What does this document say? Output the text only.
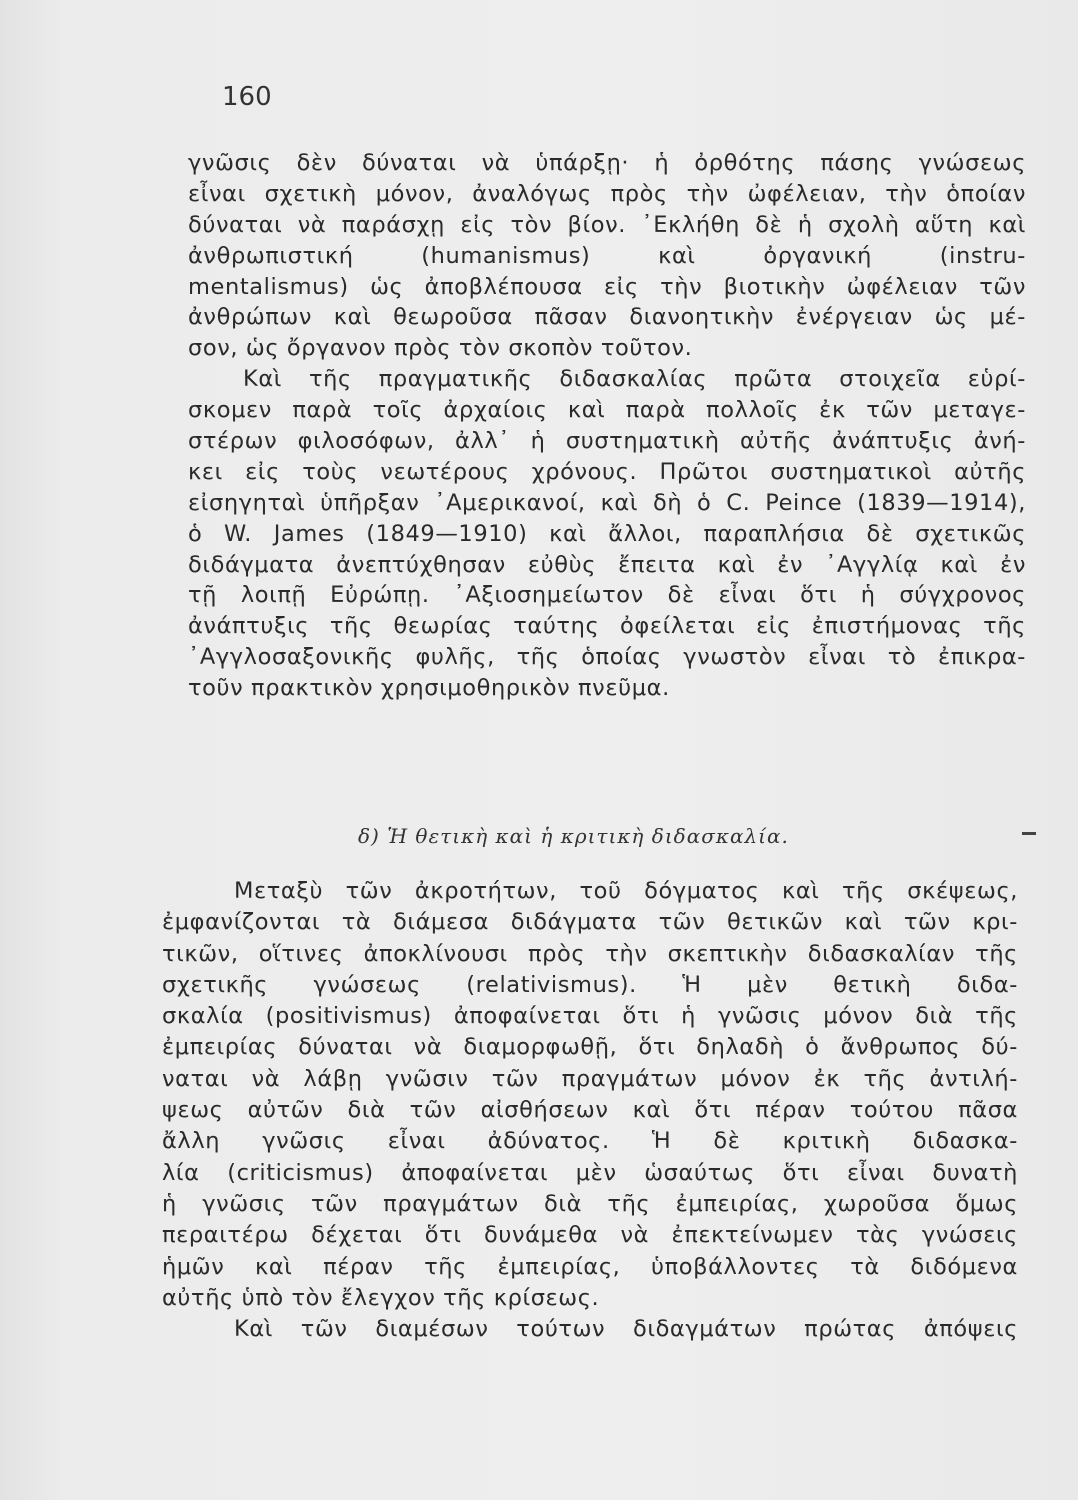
160
γνῶσις δὲν δύναται νὰ ὑπάρξῃ· ἡ ὀρθότης πάσης γνώσεως
εἶναι σχετικὴ μόνον, ἀναλόγως πρὸς τὴν ὠφέλειαν, τὴν ὁποίαν
δύναται νὰ παράσχῃ εἰς τὸν βίον. ᾿Εκλήθη δὲ ἡ σχολὴ αὕτη καὶ
ἀνθρωπιστική (humanismus) καὶ ὀργανική (instru-
mentalismus) ὡς ἀποβλέπουσα εἰς τὴν βιοτικὴν ὠφέλειαν τῶν
ἀνθρώπων καὶ θεωροῦσα πᾶσαν διανοητικὴν ἐνέργειαν ὡς μέ-
σον, ὡς ὄργανον πρὸς τὸν σκοπὸν τοῦτον.
Καὶ τῆς πραγματικῆς διδασκαλίας πρῶτα στοιχεῖα εὑρί-
σκομεν παρὰ τοῖς ἀρχαίοις καὶ παρὰ πολλοῖς ἐκ τῶν μεταγε-
στέρων φιλοσόφων, ἀλλ᾿ ἡ συστηματικὴ αὐτῆς ἀνάπτυξις ἀνή-
κει εἰς τοὺς νεωτέρους χρόνους. Πρῶτοι συστηματικοὶ αὐτῆς
εἰσηγηταὶ ὑπῆρξαν ᾿Αμερικανοί, καὶ δὴ ὁ C. Peince (1839—1914),
ὁ W. James (1849—1910) καὶ ἄλλοι, παραπλήσια δὲ σχετικῶς
διδάγματα ἀνεπτύχθησαν εὐθὺς ἔπειτα καὶ ἐν ᾿Αγγλίᾳ καὶ ἐν
τῇ λοιπῇ Εὐρώπῃ. ᾿Αξιοσημείωτον δὲ εἶναι ὅτι ἡ σύγχρονος
ἀνάπτυξις τῆς θεωρίας ταύτης ὀφείλεται εἰς ἐπιστήμονας τῆς
᾿Αγγλοσαξονικῆς φυλῆς, τῆς ὁποίας γνωστὸν εἶναι τὸ ἐπικρα-
τοῦν πρακτικὸν χρησιμοθηρικὸν πνεῦμα.
δ) Ἡ θετικὴ καὶ ἡ κριτικὴ διδασκαλία.
Μεταξὺ τῶν ἀκροτήτων, τοῦ δόγματος καὶ τῆς σκέψεως,
ἐμφανίζονται τὰ διάμεσα διδάγματα τῶν θετικῶν καὶ τῶν κρι-
τικῶν, οἵτινες ἀποκλίνουσι πρὸς τὴν σκεπτικὴν διδασκαλίαν τῆς
σχετικῆς γνώσεως (relativismus). Ἡ μὲν θετικὴ διδα-
σκαλία (positivismus) ἀποφαίνεται ὅτι ἡ γνῶσις μόνον διὰ τῆς
ἐμπειρίας δύναται νὰ διαμορφωθῇ, ὅτι δηλαδὴ ὁ ἄνθρωπος δύ-
ναται νὰ λάβῃ γνῶσιν τῶν πραγμάτων μόνον ἐκ τῆς ἀντιλή-
ψεως αὐτῶν διὰ τῶν αἰσθήσεων καὶ ὅτι πέραν τούτου πᾶσα
ἄλλη γνῶσις εἶναι ἀδύνατος. Ἡ δὲ κριτικὴ διδασκα-
λία (criticismus) ἀποφαίνεται μὲν ὡσαύτως ὅτι εἶναι δυνατὴ
ἡ γνῶσις τῶν πραγμάτων διὰ τῆς ἐμπειρίας, χωροῦσα ὅμως
περαιτέρω δέχεται ὅτι δυνάμεθα νὰ ἐπεκτείνωμεν τὰς γνώσεις
ἡμῶν καὶ πέραν τῆς ἐμπειρίας, ὑποβάλλοντες τὰ διδόμενα
αὐτῆς ὑπὸ τὸν ἔλεγχον τῆς κρίσεως.
Καὶ τῶν διαμέσων τούτων διδαγμάτων πρώτας ἀπόψεις
